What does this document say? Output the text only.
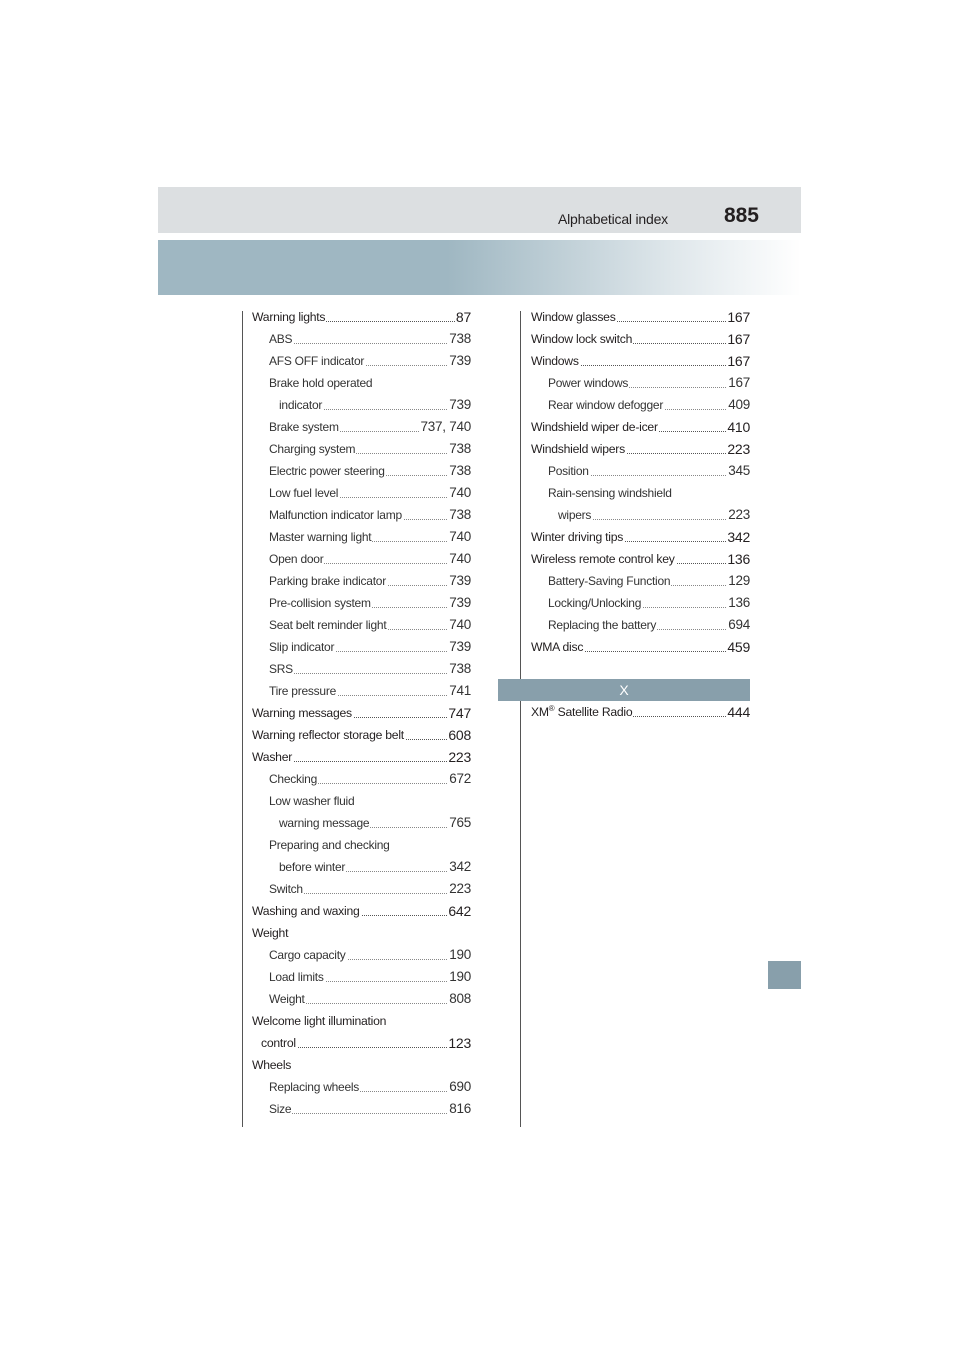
Alphabetical index	885
Warning lights	87
ABS	738
AFS OFF indicator	739
Brake hold operated
indicator	739
Brake system	737, 740
Charging system	738
Electric power steering	738
Low fuel level	740
Malfunction indicator lamp	738
Master warning light	740
Open door	740
Parking brake indicator	739
Pre-collision system	739
Seat belt reminder light	740
Slip indicator	739
SRS	738
Tire pressure	741
Warning messages	747
Warning reflector storage belt	608
Washer	223
Checking	672
Low washer fluid
warning message	765
Preparing and checking
before winter	342
Switch	223
Washing and waxing	642
Weight
Cargo capacity	190
Load limits	190
Weight	808
Welcome light illumination
control	123
Wheels
Replacing wheels	690
Size	816
Window glasses	167
Window lock switch	167
Windows	167
Power windows	167
Rear window defogger	409
Windshield wiper de-icer	410
Windshield wipers	223
Position	345
Rain-sensing windshield
wipers	223
Winter driving tips	342
Wireless remote control key	136
Battery-Saving Function	129
Locking/Unlocking	136
Replacing the battery	694
WMA disc	459
X
XM® Satellite Radio	444
